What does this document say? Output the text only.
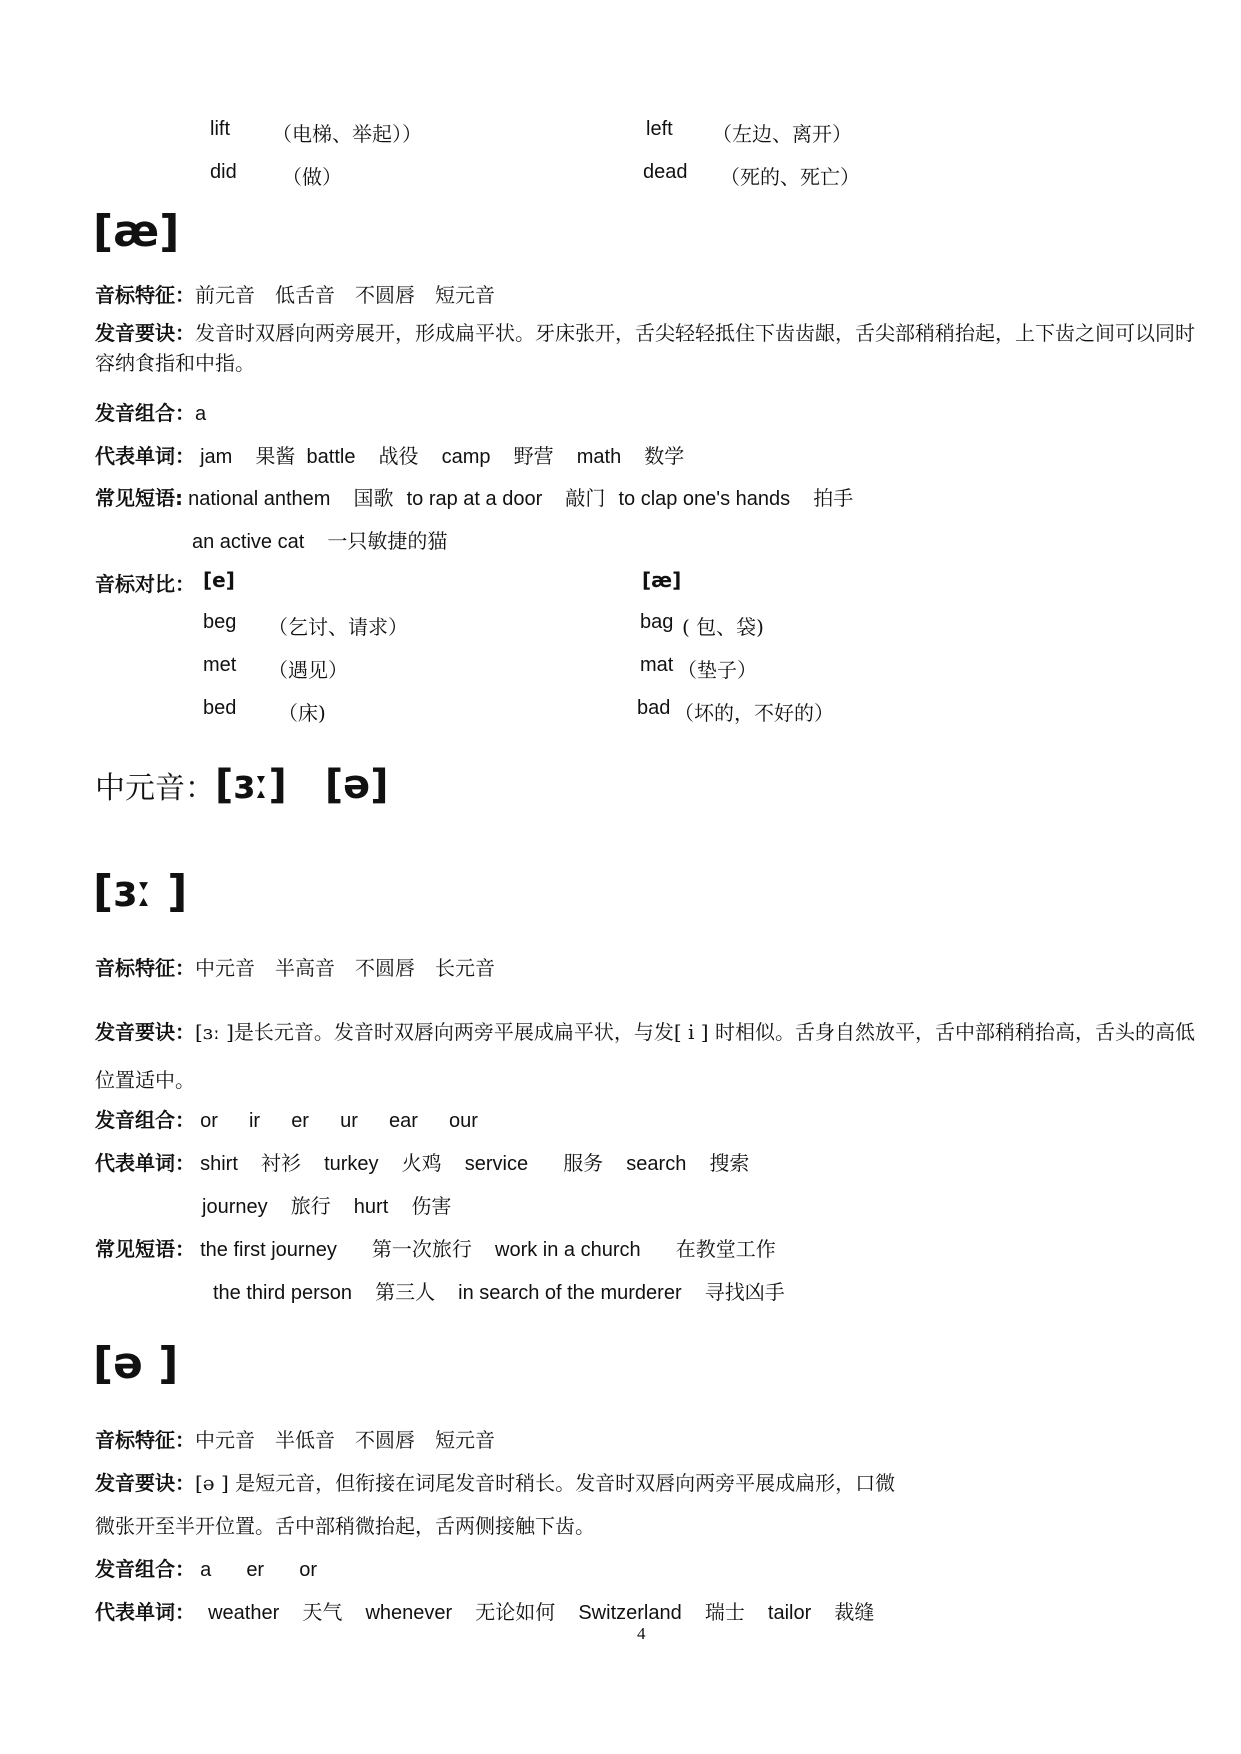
lift （电梯、举起））	left （左边、离开）
did （做）	dead （死的、死亡）
[æ]
音标特征：前元音　低舌音　不圆唇　短元音
发音要诀：发音时双唇向两旁展开，形成扁平状。牙床张开，舌尖轻轻抵住下齿齿龈，舌尖部稍稍抬起，上下齿之间可以同时容纳食指和中指。
发音组合：a
代表单词： jam 果酱 battle 战役 camp 野营 math 数学
常见短语: national anthem 国歌 to rap at a door 敲门 to clap one's hands 拍手
an active cat 一只敏捷的猫
音标对比： [e]	[æ]
beg （乞讨、请求）	bag ( 包、袋)
met （遇见）	mat （垫子）
bed （床)	bad （坏的，不好的）
中元音：[ɜː] [ə]
[ɜː ]
音标特征：中元音　半高音　不圆唇　长元音
发音要诀：[ɜː ]是长元音。发音时双唇向两旁平展成扁平状，与发[ i ] 时相似。舌身自然放平，舌中部稍稍抬高，舌头的高低位置适中。
发音组合： or ir er ur ear our
代表单词： shirt 衬衫 turkey 火鸡 service 服务 search 搜索
journey 旅行 hurt 伤害
常见短语： the first journey 第一次旅行 work in a church 在教堂工作
the third person 第三人 in search of the murderer 寻找凶手
[ə ]
音标特征：中元音　半低音　不圆唇　短元音
发音要诀：[ə ] 是短元音，但衔接在词尾发音时稍长。发音时双唇向两旁平展成扁形，口微
微张开至半开位置。舌中部稍微抬起，舌两侧接触下齿。
发音组合： a er or
代表单词： weather 天气 whenever 无论如何 Switzerland 瑞士 tailor 裁缝
4
